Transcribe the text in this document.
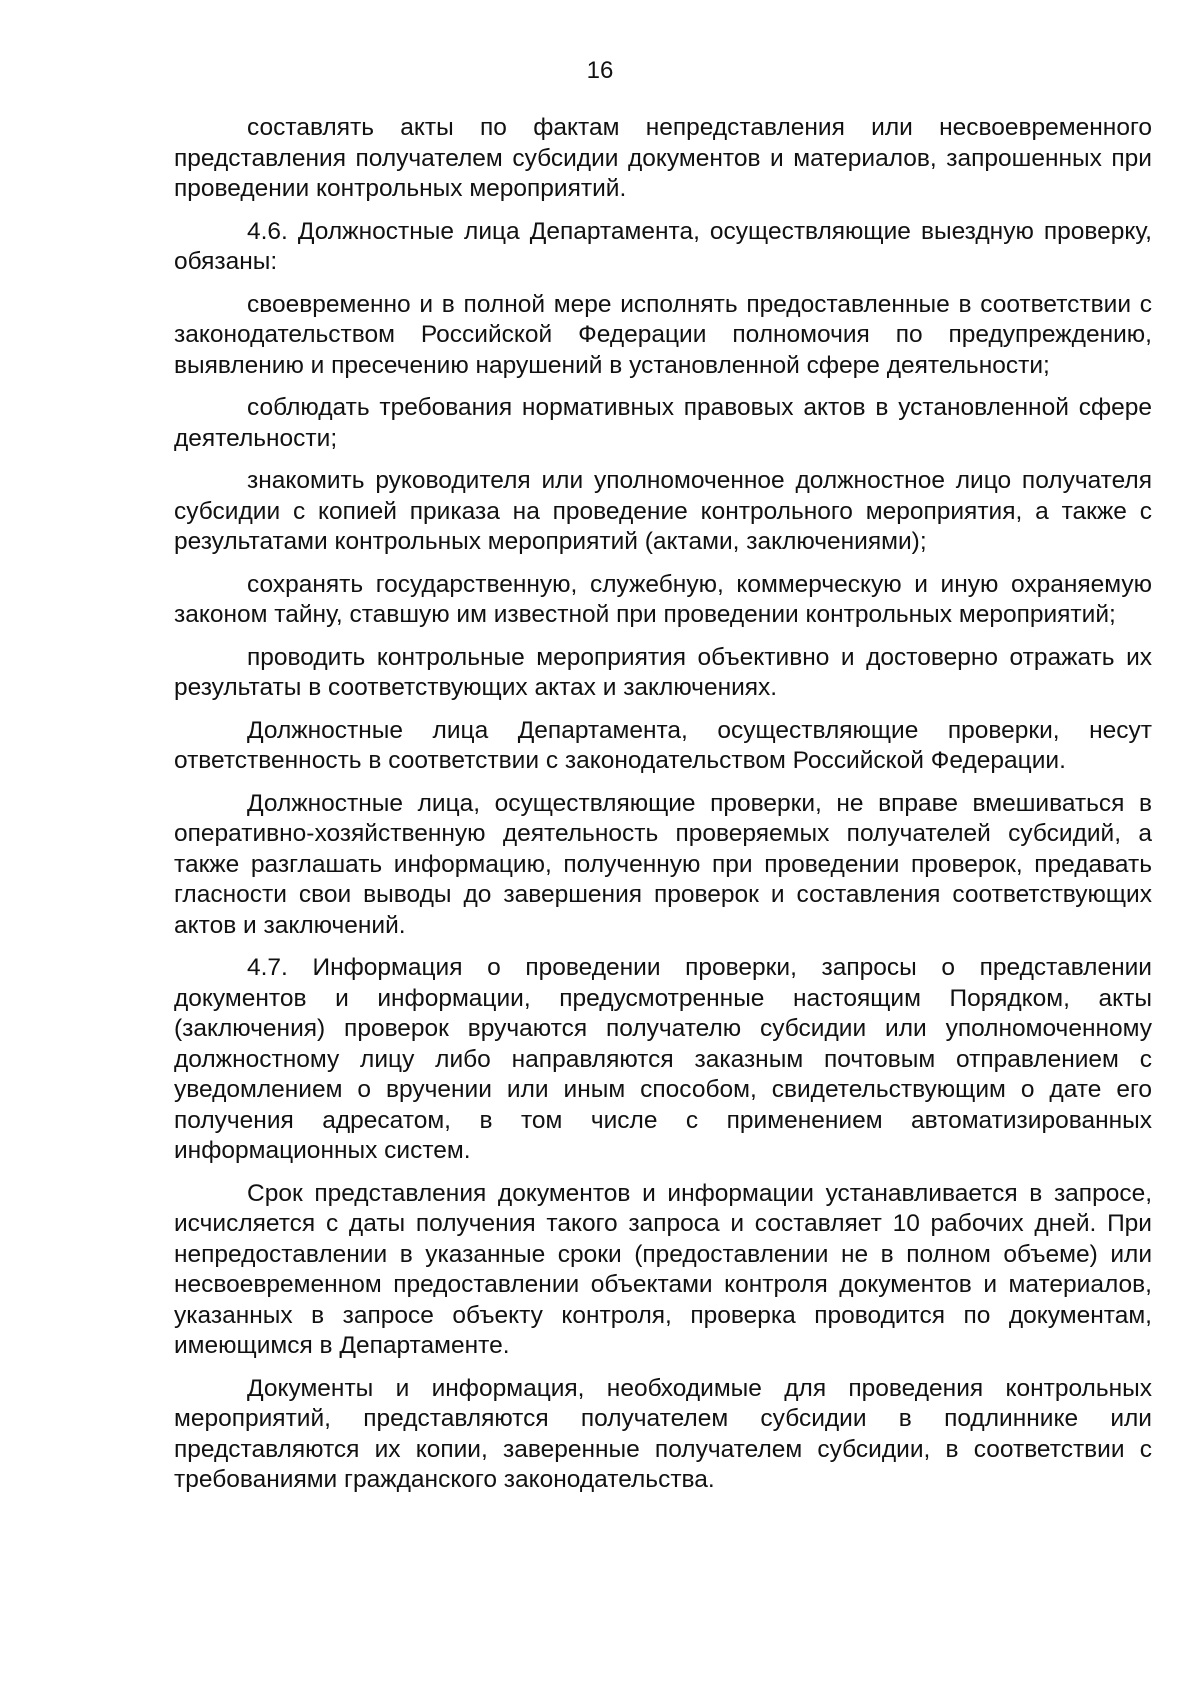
16

составлять акты по фактам непредставления или несвоевременного представления получателем субсидии документов и материалов, запрошенных при проведении контрольных мероприятий.

4.6. Должностные лица Департамента, осуществляющие выездную проверку, обязаны:

своевременно и в полной мере исполнять предоставленные в соответствии с законодательством Российской Федерации полномочия по предупреждению, выявлению и пресечению нарушений в установленной сфере деятельности;

соблюдать требования нормативных правовых актов в установленной сфере деятельности;

знакомить руководителя или уполномоченное должностное лицо получателя субсидии с копией приказа на проведение контрольного мероприятия, а также с результатами контрольных мероприятий (актами, заключениями);

сохранять государственную, служебную, коммерческую и иную охраняемую законом тайну, ставшую им известной при проведении контрольных мероприятий;

проводить контрольные мероприятия объективно и достоверно отражать их результаты в соответствующих актах и заключениях.

Должностные лица Департамента, осуществляющие проверки, несут ответственность в соответствии с законодательством Российской Федерации.

Должностные лица, осуществляющие проверки, не вправе вмешиваться в оперативно-хозяйственную деятельность проверяемых получателей субсидий, а также разглашать информацию, полученную при проведении проверок, предавать гласности свои выводы до завершения проверок и составления соответствующих актов и заключений.

4.7. Информация о проведении проверки, запросы о представлении документов и информации, предусмотренные настоящим Порядком, акты (заключения) проверок вручаются получателю субсидии или уполномоченному должностному лицу либо направляются заказным почтовым отправлением с уведомлением о вручении или иным способом, свидетельствующим о дате его получения адресатом, в том числе с применением автоматизированных информационных систем.

Срок представления документов и информации устанавливается в запросе, исчисляется с даты получения такого запроса и составляет 10 рабочих дней. При непредоставлении в указанные сроки (предоставлении не в полном объеме) или несвоевременном предоставлении объектами контроля документов и материалов, указанных в запросе объекту контроля, проверка проводится по документам, имеющимся в Департаменте.

Документы и информация, необходимые для проведения контрольных мероприятий, представляются получателем субсидии в подлиннике или представляются их копии, заверенные получателем субсидии, в соответствии с требованиями гражданского законодательства.
